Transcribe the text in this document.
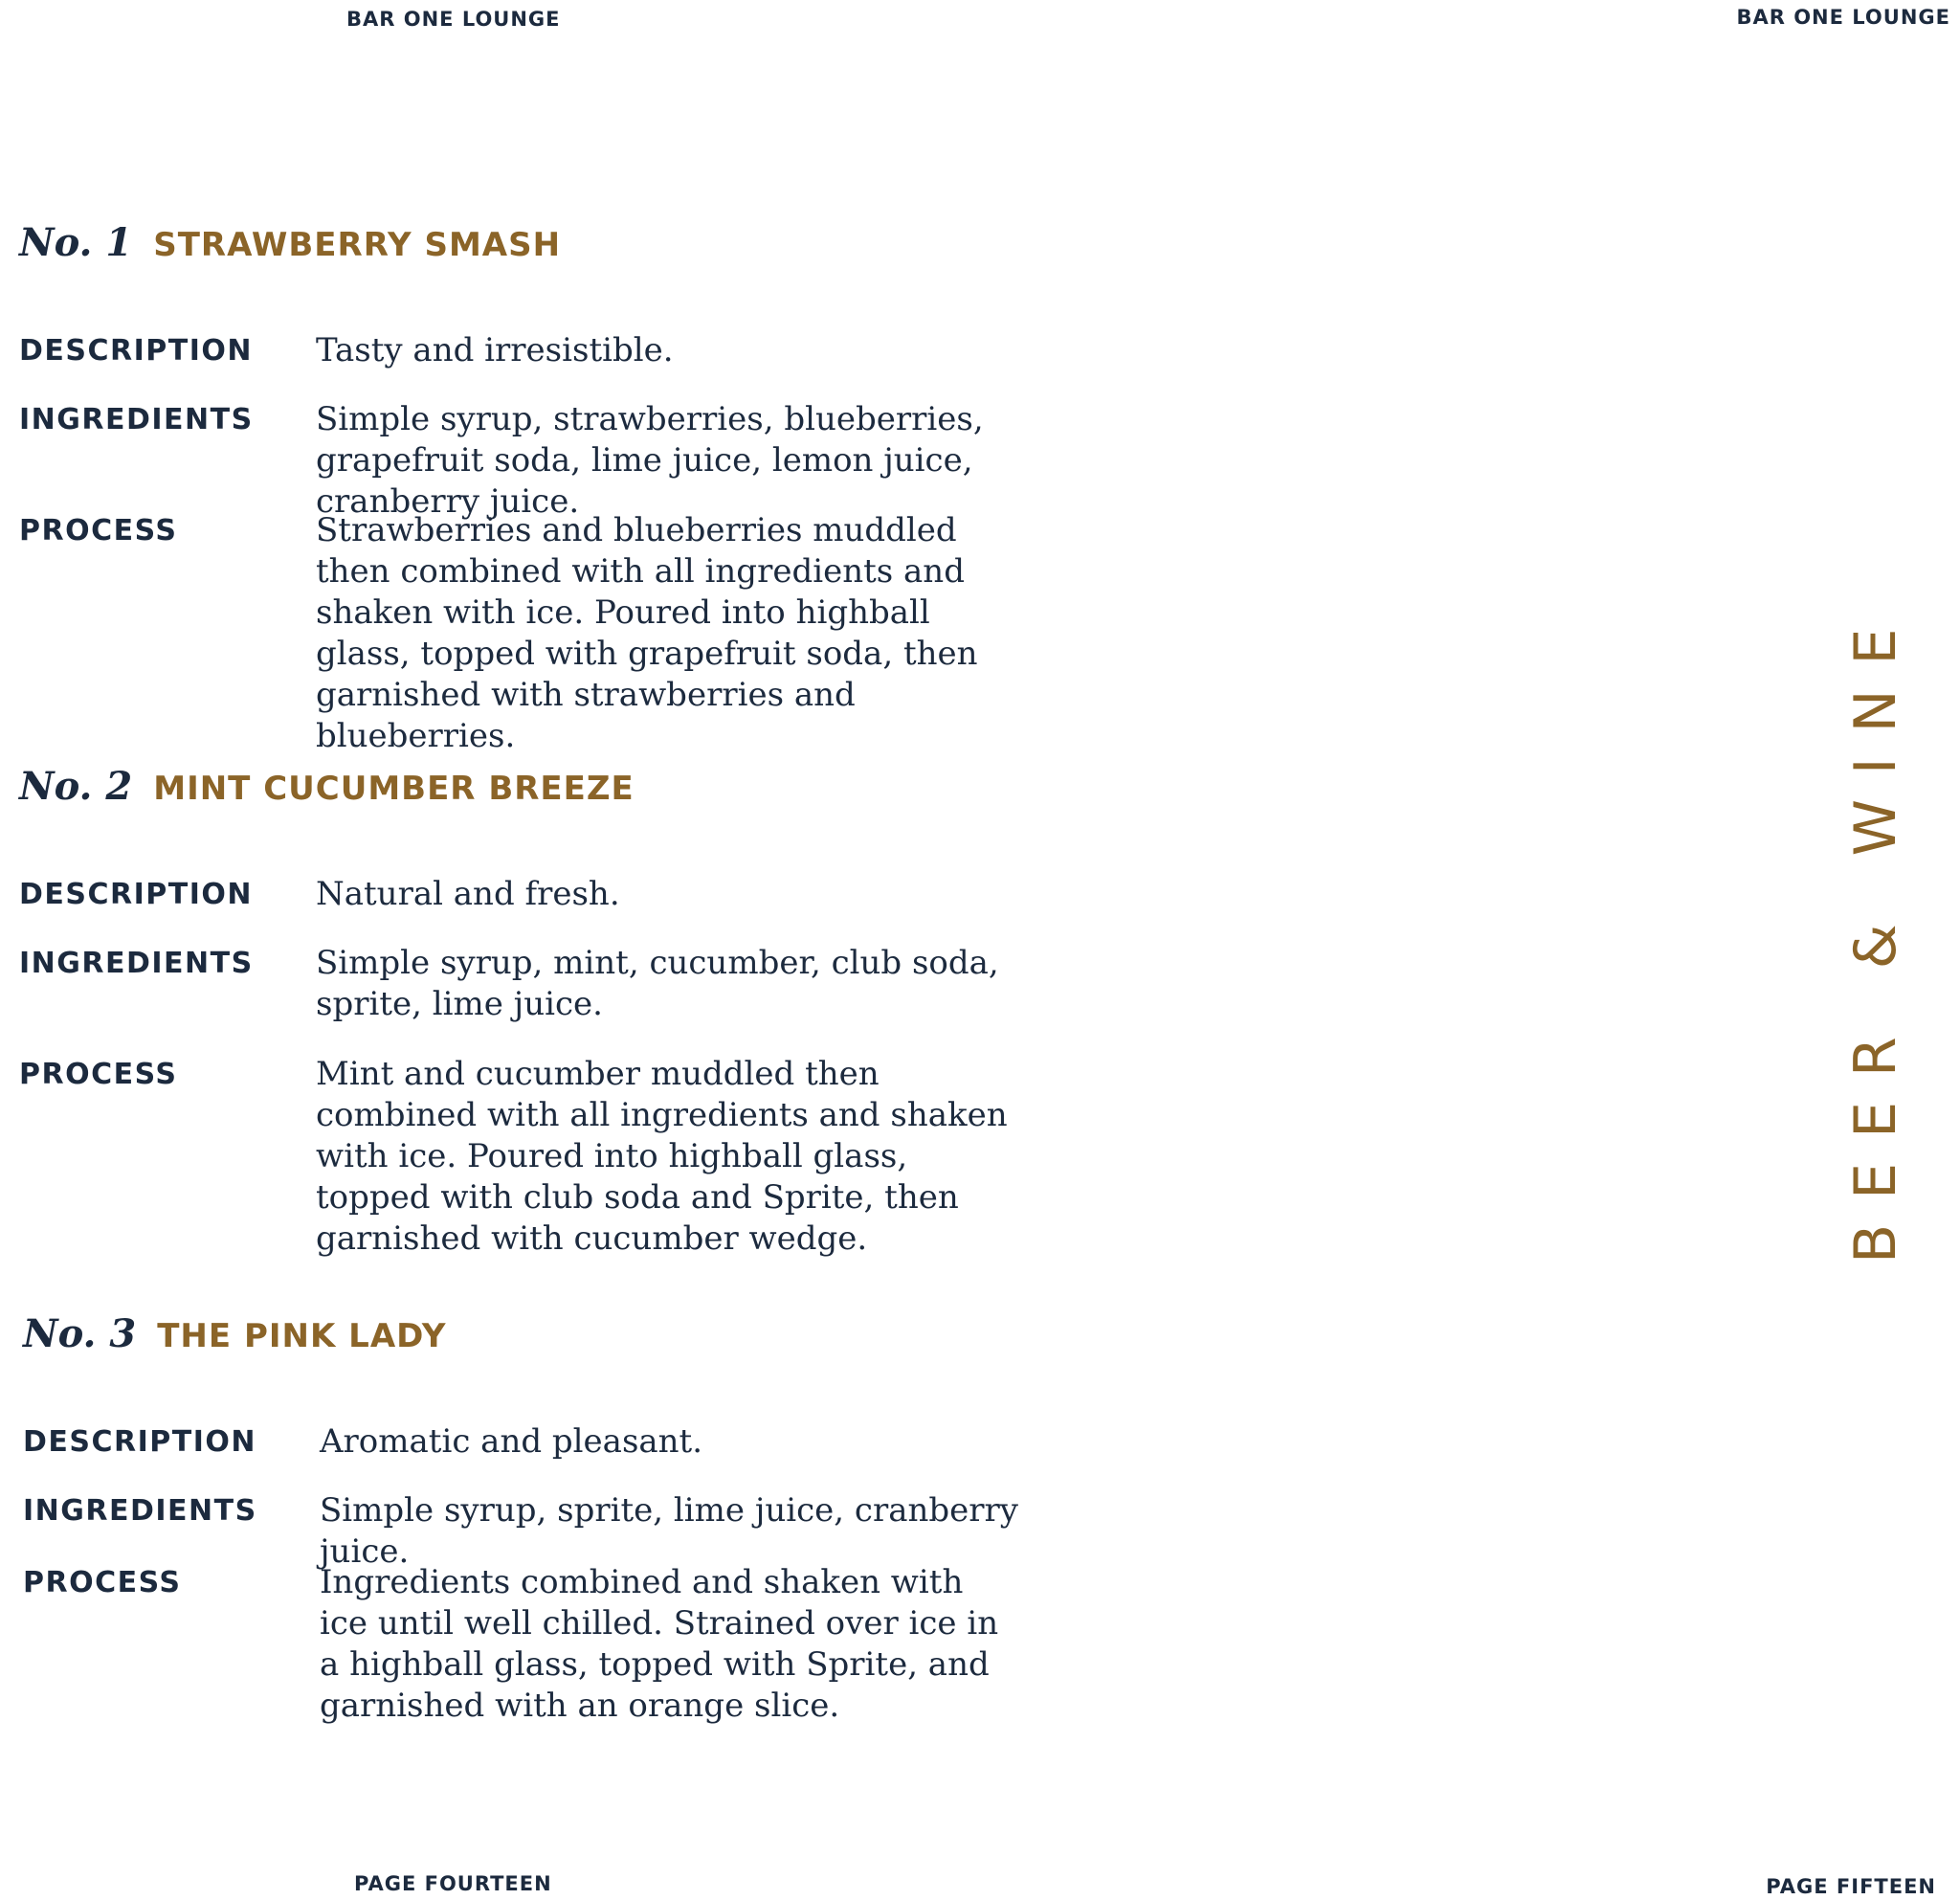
BAR ONE LOUNGE	BAR ONE LOUNGE
No. 1 STRAWBERRY SMASH
DESCRIPTION	Tasty and irresistible.
INGREDIENTS	Simple syrup, strawberries, blueberries, grapefruit soda, lime juice, lemon juice, cranberry juice.
PROCESS	Strawberries and blueberries muddled then combined with all ingredients and shaken with ice. Poured into highball glass, topped with grapefruit soda, then garnished with strawberries and blueberries.
No. 2 MINT CUCUMBER BREEZE
DESCRIPTION	Natural and fresh.
INGREDIENTS	Simple syrup, mint, cucumber, club soda, sprite, lime juice.
PROCESS	Mint and cucumber muddled then combined with all ingredients and shaken with ice. Poured into highball glass, topped with club soda and Sprite, then garnished with cucumber wedge.
No. 3 THE PINK LADY
DESCRIPTION	Aromatic and pleasant.
INGREDIENTS	Simple syrup, sprite, lime juice, cranberry juice.
PROCESS	Ingredients combined and shaken with ice until well chilled. Strained over ice in a highball glass, topped with Sprite, and garnished with an orange slice.
BEER & WINE
PAGE FOURTEEN	PAGE FIFTEEN
